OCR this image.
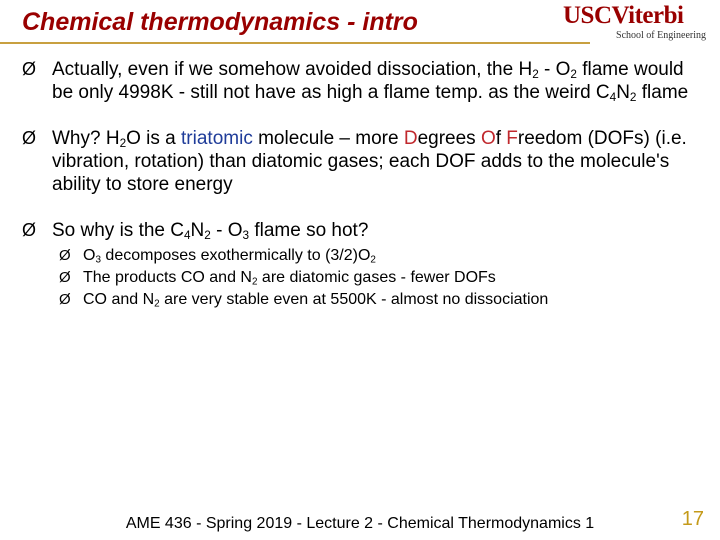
Chemical thermodynamics - intro	USCViterbi
School of Engineering
Ø Actually, even if we somehow avoided dissociation, the $H_2 - O_2$ flame would be only 4998K - still not have as high a flame temp. as the weird $C_4N_2$ flame
Ø Why? $H_2O$ is a triatomic molecule – more Degrees Of Freedom (DOFs) (i.e. vibration, rotation) than diatomic gases; each DOF adds to the molecule's ability to store energy
Ø So why is the $C_4N_2 - O_3$ flame so hot?
Ø $O_3$ decomposes exothermically to $(3/2)O_2$
Ø The products CO and $N_2$ are diatomic gases - fewer DOFs
Ø CO and $N_2$ are very stable even at 5500K - almost no dissociation
AME 436 - Spring 2019 - Lecture 2 - Chemical Thermodynamics 1	17
